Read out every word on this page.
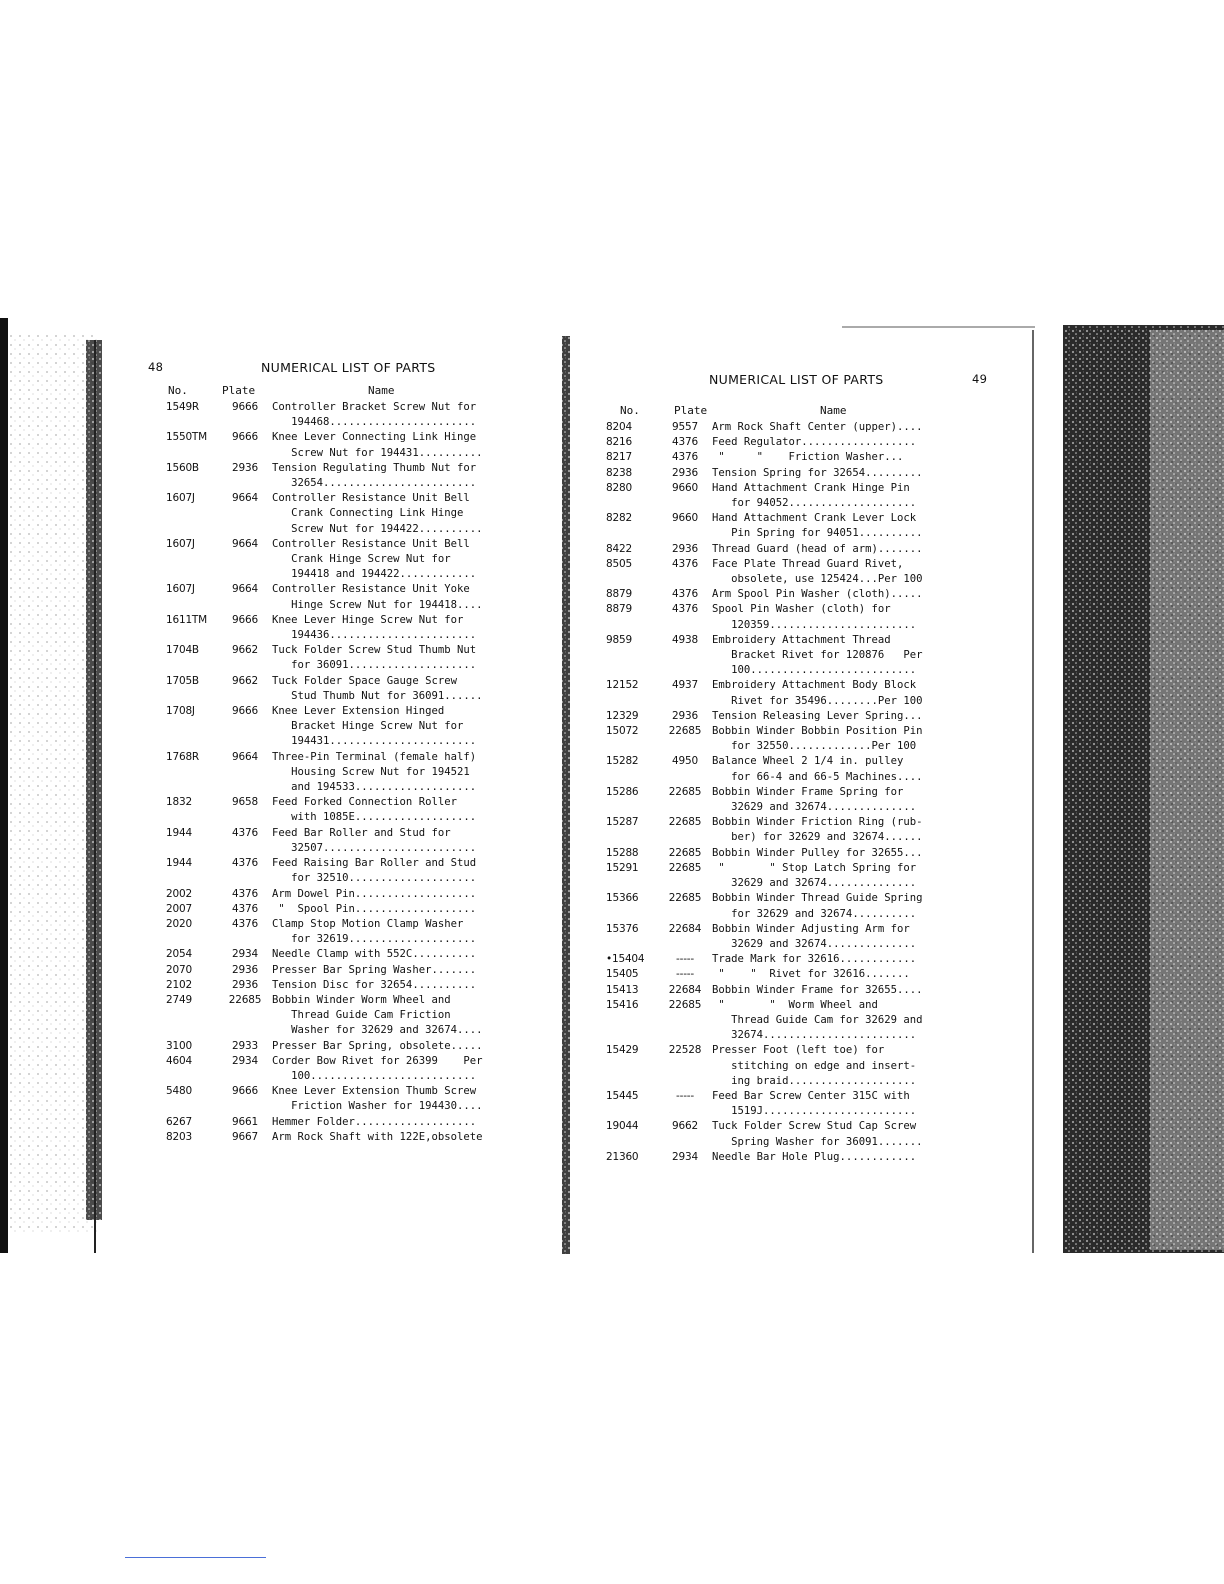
48	NUMERICAL LIST OF PARTS
No.	Plate	Name
1549R	9666	Controller Bracket Screw Nut for
194468.......................
1550TM	9666	Knee Lever Connecting Link Hinge
Screw Nut for 194431..........
1560B	2936	Tension Regulating Thumb Nut for
32654........................
1607J	9664	Controller Resistance Unit Bell
Crank Connecting Link Hinge
Screw Nut for 194422..........
1607J	9664	Controller Resistance Unit Bell
Crank Hinge Screw Nut for
194418 and 194422............
1607J	9664	Controller Resistance Unit Yoke
Hinge Screw Nut for 194418....
1611TM	9666	Knee Lever Hinge Screw Nut for
194436.......................
1704B	9662	Tuck Folder Screw Stud Thumb Nut
for 36091....................
1705B	9662	Tuck Folder Space Gauge Screw
Stud Thumb Nut for 36091......
1708J	9666	Knee Lever Extension Hinged
Bracket Hinge Screw Nut for
194431.......................
1768R	9664	Three-Pin Terminal (female half)
Housing Screw Nut for 194521
and 194533...................
1832	9658	Feed Forked Connection Roller
with 1085E...................
1944	4376	Feed Bar Roller and Stud for
32507........................
1944	4376	Feed Raising Bar Roller and Stud
for 32510....................
2002	4376	Arm Dowel Pin...................
2007	4376	"  Spool Pin...................
2020	4376	Clamp Stop Motion Clamp Washer
for 32619....................
2054	2934	Needle Clamp with 552C..........
2070	2936	Presser Bar Spring Washer.......
2102	2936	Tension Disc for 32654..........
2749	22685	Bobbin Winder Worm Wheel and
Thread Guide Cam Friction
Washer for 32629 and 32674....
3100	2933	Presser Bar Spring, obsolete.....
4604	2934	Corder Bow Rivet for 26399    Per
100..........................
5480	9666	Knee Lever Extension Thumb Screw
Friction Washer for 194430....
6267	9661	Hemmer Folder...................
8203	9667	Arm Rock Shaft with 122E,obsolete
NUMERICAL LIST OF PARTS	49
No.	Plate	Name
8204	9557	Arm Rock Shaft Center (upper)....
8216	4376	Feed Regulator..................
8217	4376	"     "    Friction Washer...
8238	2936	Tension Spring for 32654.........
8280	9660	Hand Attachment Crank Hinge Pin
for 94052....................
8282	9660	Hand Attachment Crank Lever Lock
Pin Spring for 94051..........
8422	2936	Thread Guard (head of arm).......
8505	4376	Face Plate Thread Guard Rivet,
obsolete, use 125424...Per 100
8879	4376	Arm Spool Pin Washer (cloth).....
8879	4376	Spool Pin Washer (cloth) for
120359.......................
9859	4938	Embroidery Attachment Thread
Bracket Rivet for 120876   Per
100..........................
12152	4937	Embroidery Attachment Body Block
Rivet for 35496........Per 100
12329	2936	Tension Releasing Lever Spring...
15072	22685	Bobbin Winder Bobbin Position Pin
for 32550.............Per 100
15282	4950	Balance Wheel 2 1/4 in. pulley
for 66-4 and 66-5 Machines....
15286	22685	Bobbin Winder Frame Spring for
32629 and 32674..............
15287	22685	Bobbin Winder Friction Ring (rub-
ber) for 32629 and 32674......
15288	22685	Bobbin Winder Pulley for 32655...
15291	22685	"       " Stop Latch Spring for
32629 and 32674..............
15366	22685	Bobbin Winder Thread Guide Spring
for 32629 and 32674..........
15376	22684	Bobbin Winder Adjusting Arm for
32629 and 32674..............
•15404	-----	Trade Mark for 32616............
15405	-----	"    "  Rivet for 32616.......
15413	22684	Bobbin Winder Frame for 32655....
15416	22685	"       "  Worm Wheel and
Thread Guide Cam for 32629 and
32674........................
15429	22528	Presser Foot (left toe) for
stitching on edge and insert-
ing braid....................
15445	-----	Feed Bar Screw Center 315C with
1519J........................
19044	9662	Tuck Folder Screw Stud Cap Screw
Spring Washer for 36091.......
21360	2934	Needle Bar Hole Plug............
